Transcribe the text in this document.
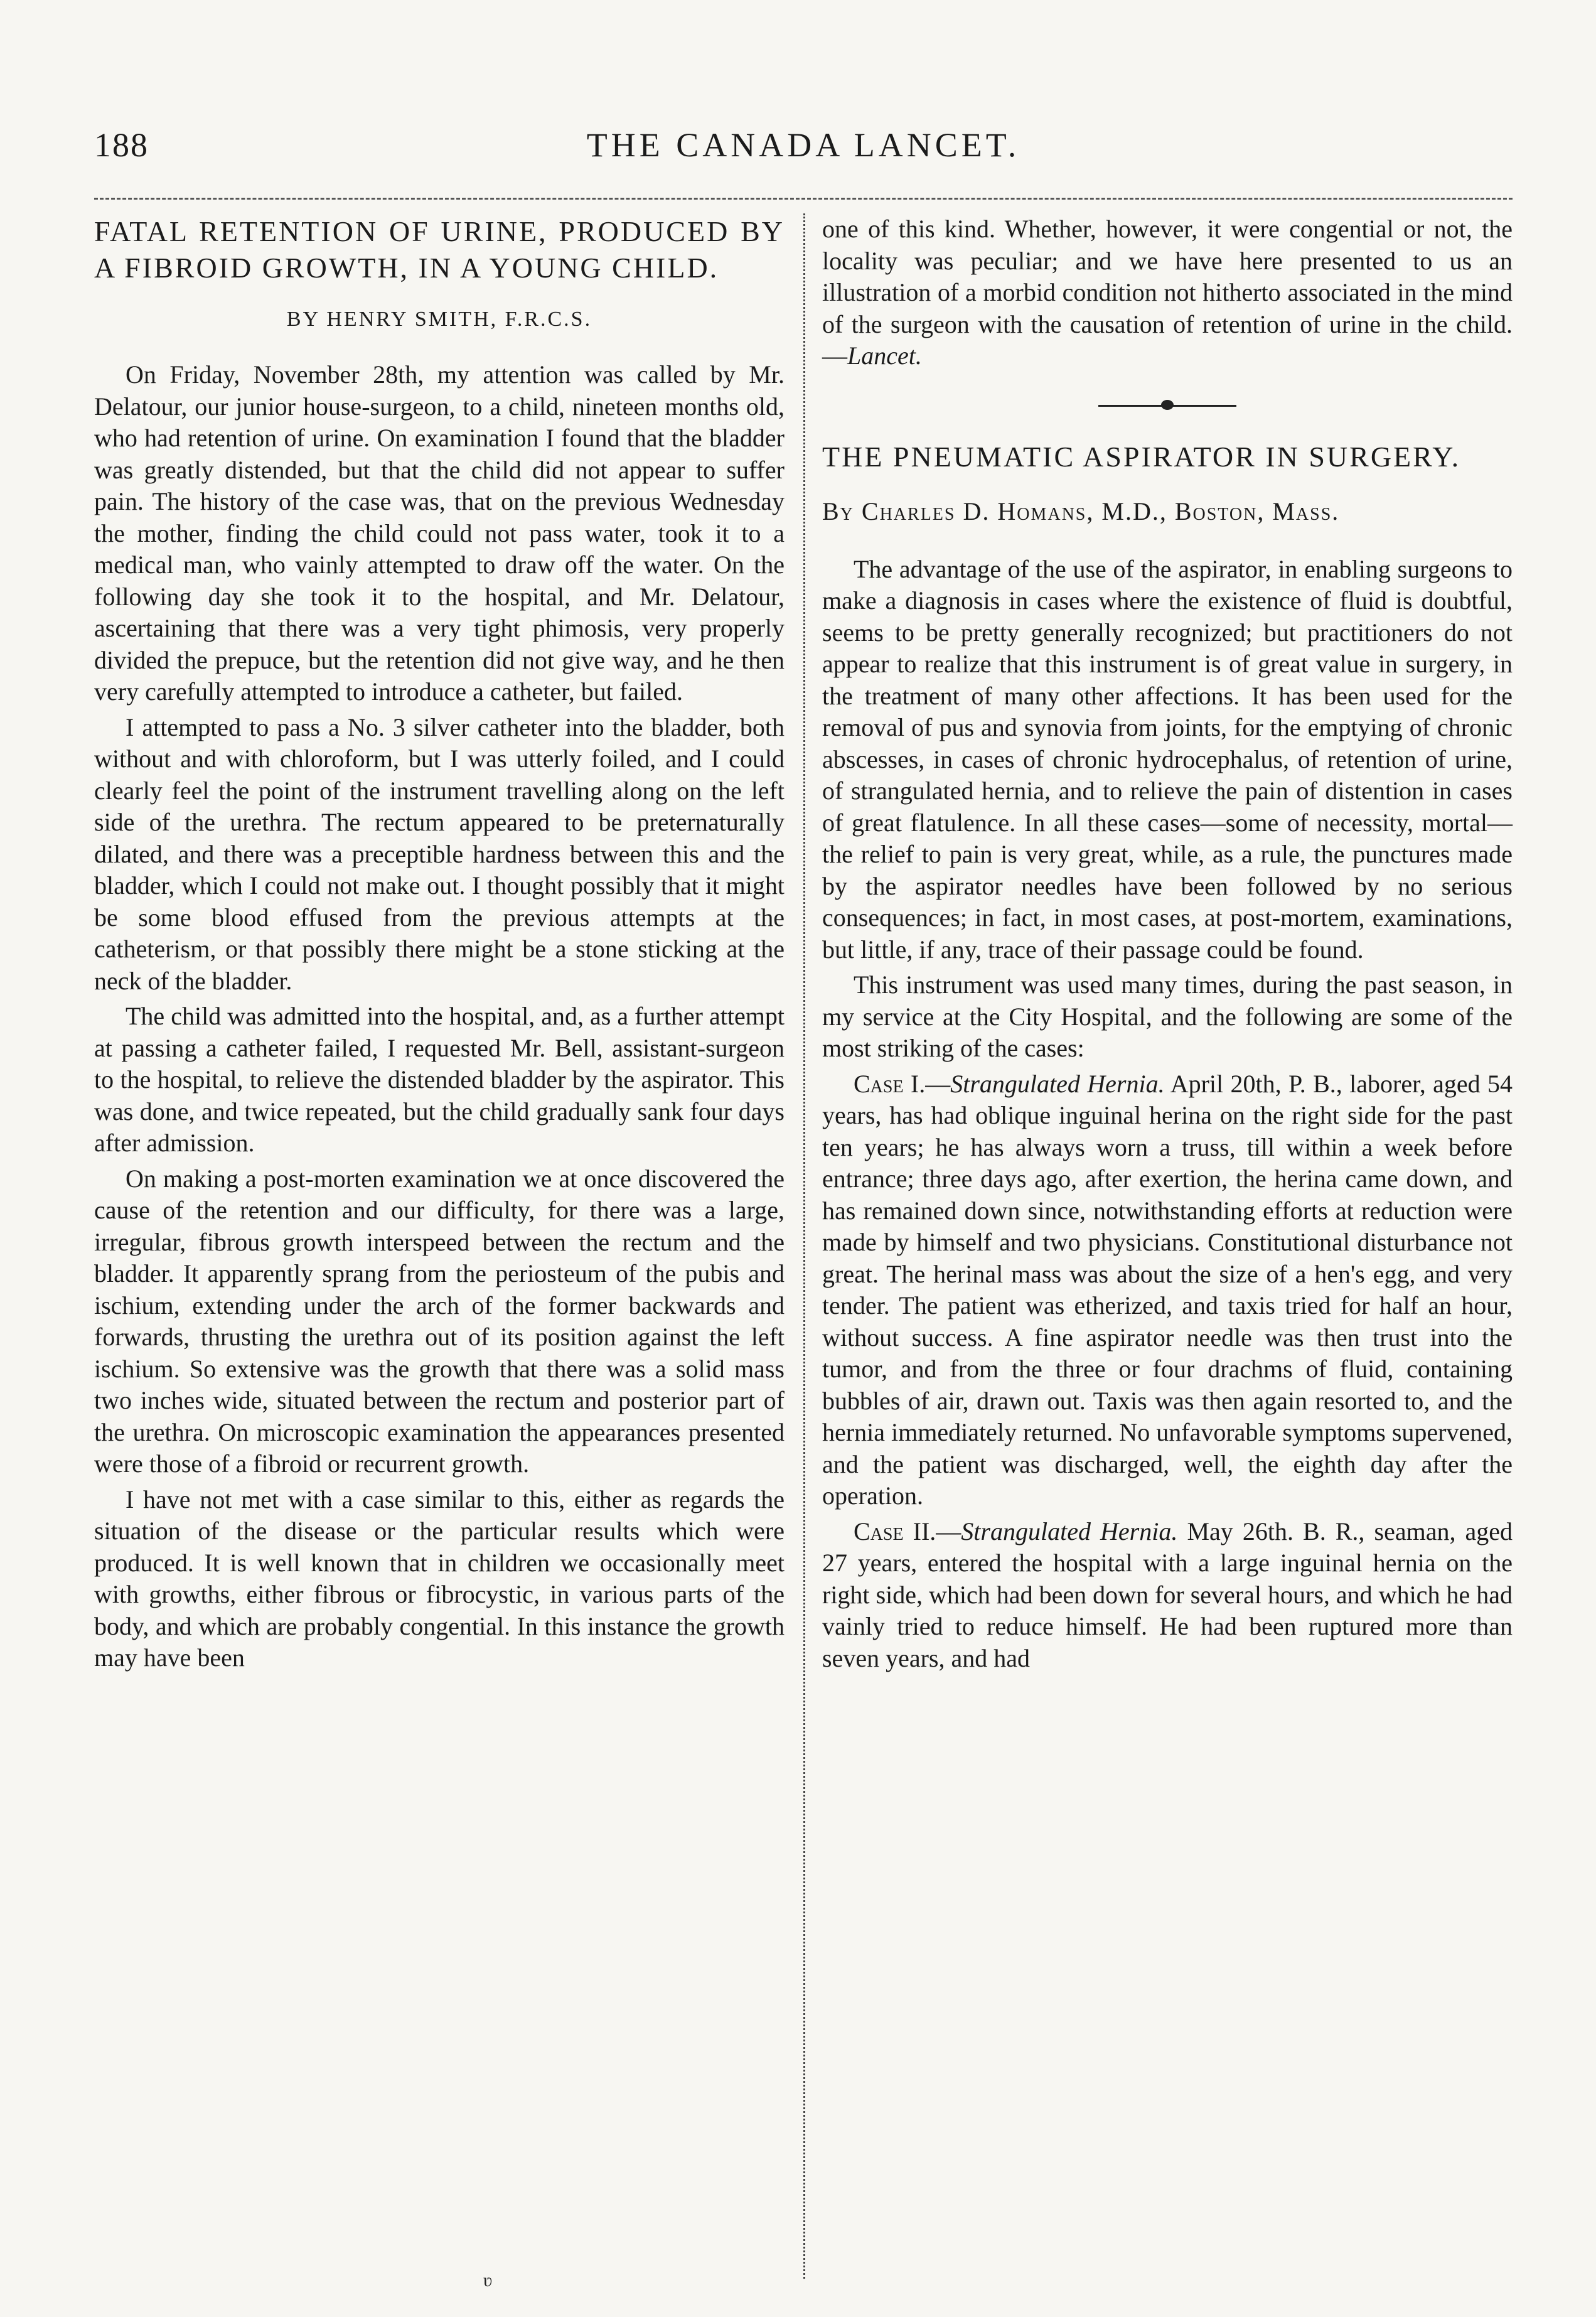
188	THE CANADA LANCET.
FATAL RETENTION OF URINE, PRODUCED BY A FIBROID GROWTH, IN A YOUNG CHILD.
BY HENRY SMITH, F.R.C.S.

On Friday, November 28th, my attention was called by Mr. Delatour, our junior house-surgeon, to a child, nineteen months old, who had retention of urine. On examination I found that the bladder was greatly distended, but that the child did not appear to suffer pain. The history of the case was, that on the previous Wednesday the mother, finding the child could not pass water, took it to a medical man, who vainly attempted to draw off the water. On the following day she took it to the hospital, and Mr. Delatour, ascertaining that there was a very tight phimosis, very properly divided the prepuce, but the retention did not give way, and he then very carefully attempted to introduce a catheter, but failed.

I attempted to pass a No. 3 silver catheter into the bladder, both without and with chloroform, but I was utterly foiled, and I could clearly feel the point of the instrument travelling along on the left side of the urethra. The rectum appeared to be preternaturally dilated, and there was a preceptible hardness between this and the bladder, which I could not make out. I thought possibly that it might be some blood effused from the previous attempts at the catheterism, or that possibly there might be a stone sticking at the neck of the bladder.

The child was admitted into the hospital, and, as a further attempt at passing a catheter failed, I requested Mr. Bell, assistant-surgeon to the hospital, to relieve the distended bladder by the aspirator. This was done, and twice repeated, but the child gradually sank four days after admission.

On making a post-morten examination we at once discovered the cause of the retention and our difficulty, for there was a large, irregular, fibrous growth interspeed between the rectum and the bladder. It apparently sprang from the periosteum of the pubis and ischium, extending under the arch of the former backwards and forwards, thrusting the urethra out of its position against the left ischium. So extensive was the growth that there was a solid mass two inches wide, situated between the rectum and posterior part of the urethra. On microscopic examination the appearances presented were those of a fibroid or recurrent growth.

I have not met with a case similar to this, either as regards the situation of the disease or the particular results which were produced. It is well known that in children we occasionally meet with growths, either fibrous or fibrocystic, in various parts of the body, and which are probably congential. In this instance the growth may have been

ʋ

one of this kind. Whether, however, it were congential or not, the locality was peculiar; and we have here presented to us an illustration of a morbid condition not hitherto associated in the mind of the surgeon with the causation of retention of urine in the child.—Lancet.

THE PNEUMATIC ASPIRATOR IN SURGERY.
By Charles D. Homans, M.D., Boston, Mass.

The advantage of the use of the aspirator, in enabling surgeons to make a diagnosis in cases where the existence of fluid is doubtful, seems to be pretty generally recognized; but practitioners do not appear to realize that this instrument is of great value in surgery, in the treatment of many other affections. It has been used for the removal of pus and synovia from joints, for the emptying of chronic abscesses, in cases of chronic hydrocephalus, of retention of urine, of strangulated hernia, and to relieve the pain of distention in cases of great flatulence. In all these cases—some of necessity, mortal—the relief to pain is very great, while, as a rule, the punctures made by the aspirator needles have been followed by no serious consequences; in fact, in most cases, at post-mortem, examinations, but little, if any, trace of their passage could be found.

This instrument was used many times, during the past season, in my service at the City Hospital, and the following are some of the most striking of the cases:

Case I.—Strangulated Hernia. April 20th, P. B., laborer, aged 54 years, has had oblique inguinal herina on the right side for the past ten years; he has always worn a truss, till within a week before entrance; three days ago, after exertion, the herina came down, and has remained down since, notwithstanding efforts at reduction were made by himself and two physicians. Constitutional disturbance not great. The herinal mass was about the size of a hen's egg, and very tender. The patient was etherized, and taxis tried for half an hour, without success. A fine aspirator needle was then trust into the tumor, and from the three or four drachms of fluid, containing bubbles of air, drawn out. Taxis was then again resorted to, and the hernia immediately returned. No unfavorable symptoms supervened, and the patient was discharged, well, the eighth day after the operation.

Case II.—Strangulated Hernia. May 26th. B. R., seaman, aged 27 years, entered the hospital with a large inguinal hernia on the right side, which had been down for several hours, and which he had vainly tried to reduce himself. He had been ruptured more than seven years, and had
